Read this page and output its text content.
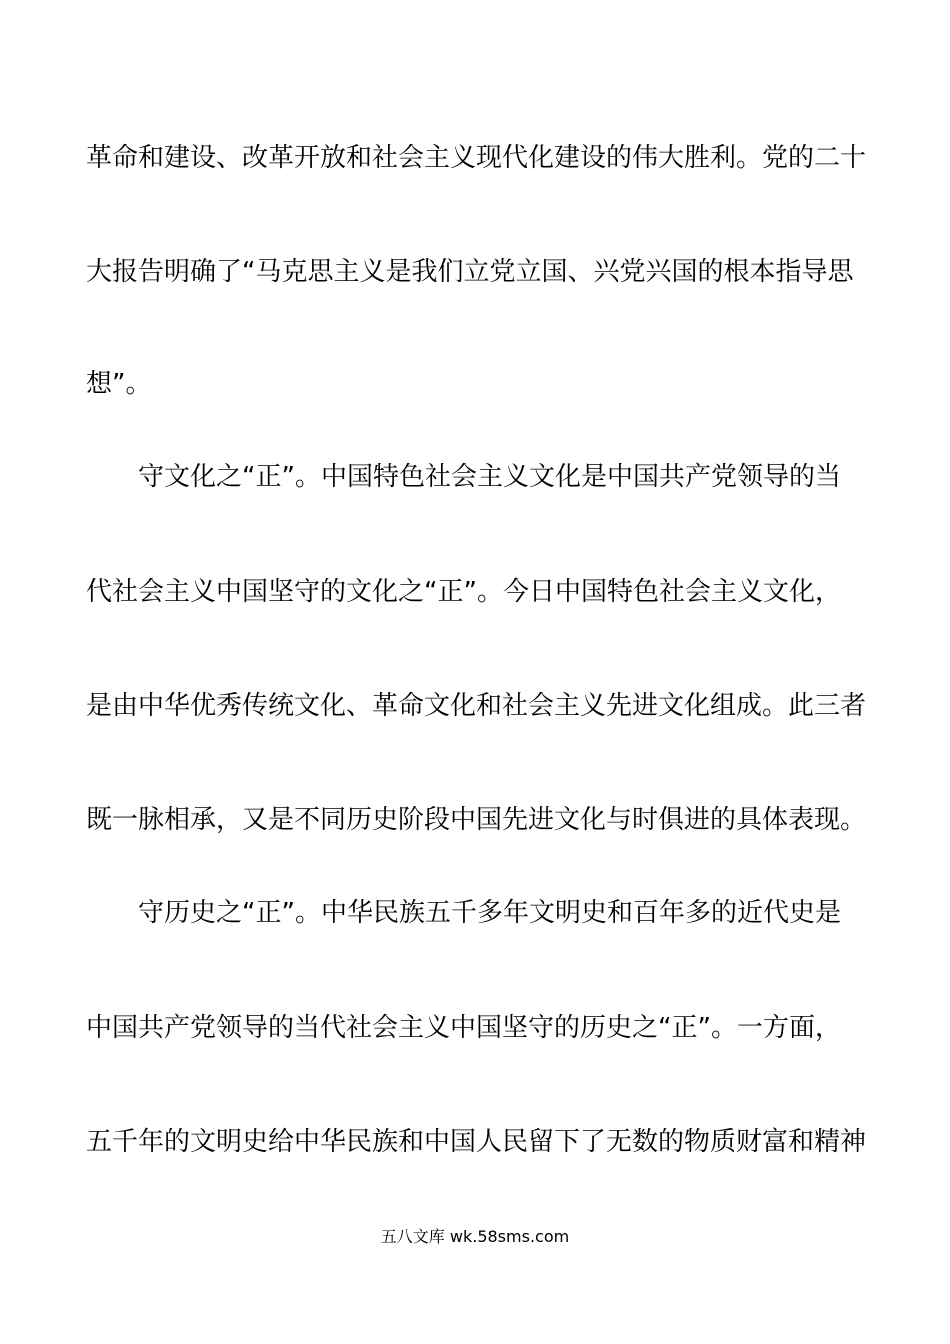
革命和建设、改革开放和社会主义现代化建设的伟大胜利。党的二十
大报告明确了“马克思主义是我们立党立国、兴党兴国的根本指导思
想”。
守文化之“正”。中国特色社会主义文化是中国共产党领导的当
代社会主义中国坚守的文化之“正”。今日中国特色社会主义文化，
是由中华优秀传统文化、革命文化和社会主义先进文化组成。此三者
既一脉相承，又是不同历史阶段中国先进文化与时俱进的具体表现。
守历史之“正”。中华民族五千多年文明史和百年多的近代史是
中国共产党领导的当代社会主义中国坚守的历史之“正”。一方面，
五千年的文明史给中华民族和中国人民留下了无数的物质财富和精神
五八文库 wk.58sms.com
